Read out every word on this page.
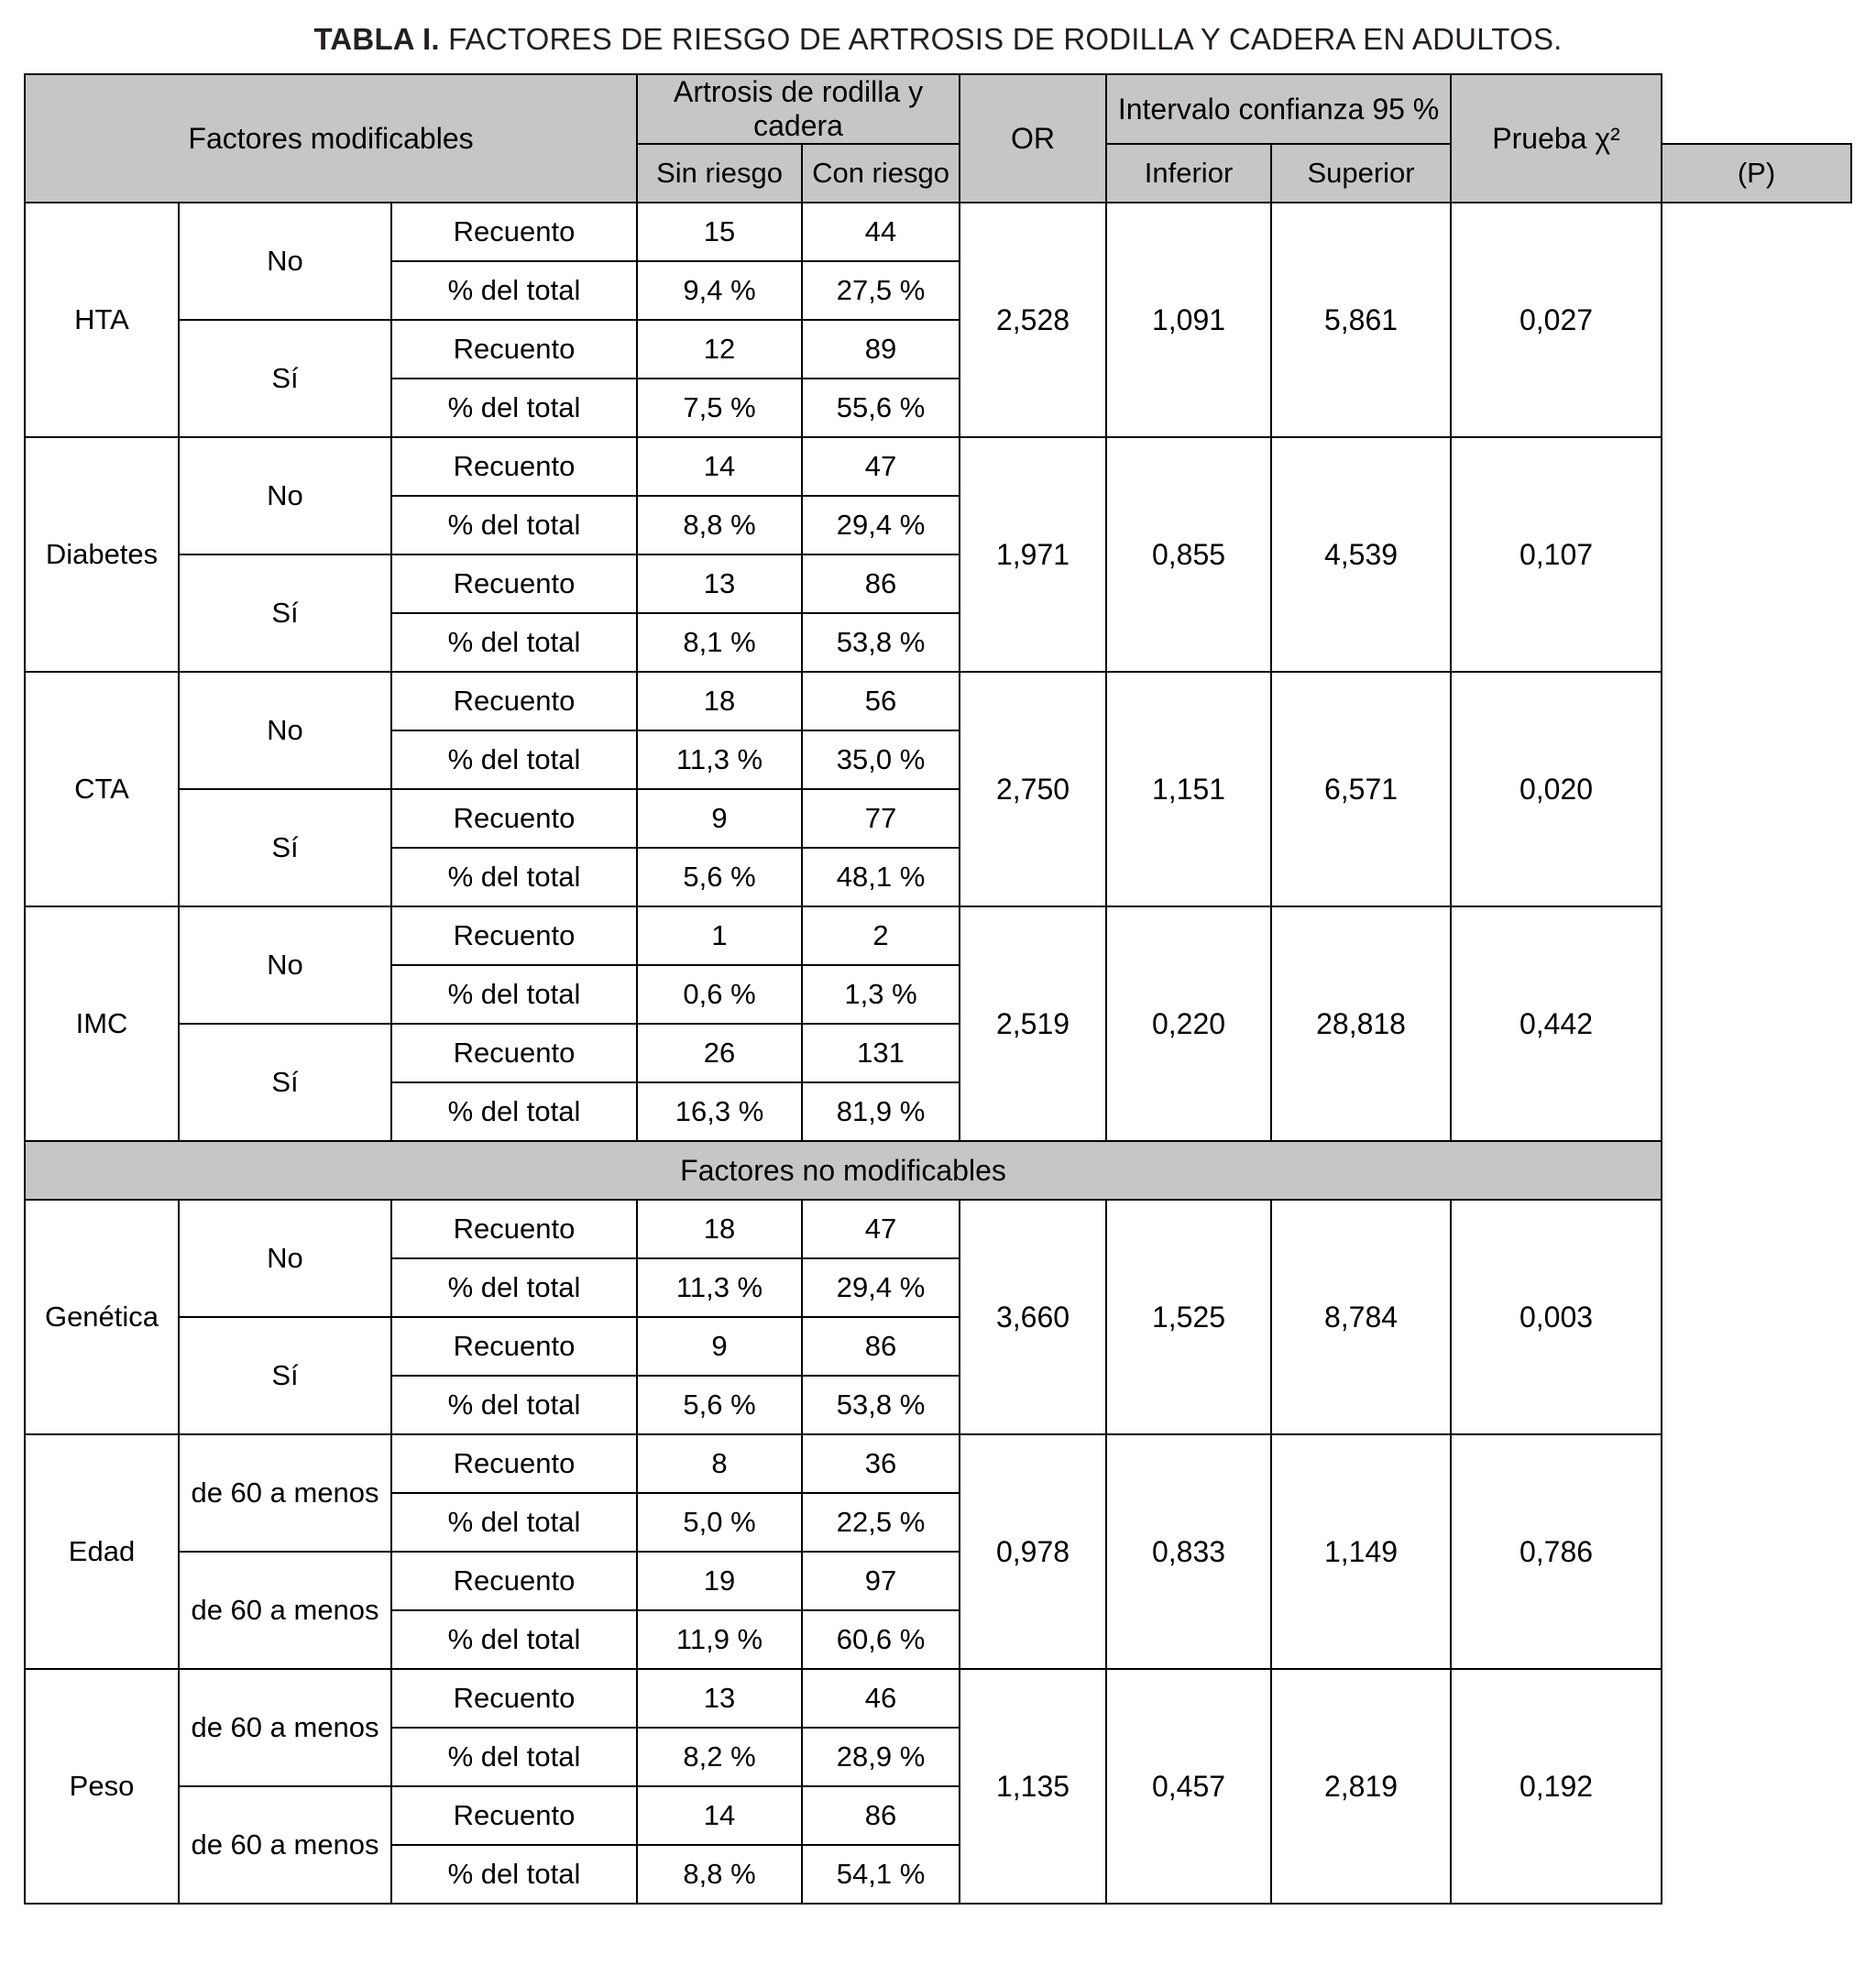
TABLA I. FACTORES DE RIESGO DE ARTROSIS DE RODILLA Y CADERA EN ADULTOS.
Factores modificables			Artrosis de rodilla y cadera		OR	Intervalo confianza 95 %		Prueba χ²	
			Sin riesgo	Con riesgo		Inferior	Superior		(P)
HTA	No	Recuento	15	44	2,528	1,091	5,861	0,027	
		% del total	9,4 %	27,5 %					
	Sí	Recuento	12	89					
		% del total	7,5 %	55,6 %					
Diabetes	No	Recuento	14	47	1,971	0,855	4,539	0,107	
		% del total	8,8 %	29,4 %					
	Sí	Recuento	13	86					
		% del total	8,1 %	53,8 %					
CTA	No	Recuento	18	56	2,750	1,151	6,571	0,020	
		% del total	11,3 %	35,0 %					
	Sí	Recuento	9	77					
		% del total	5,6 %	48,1 %					
IMC	No	Recuento	1	2	2,519	0,220	28,818	0,442	
		% del total	0,6 %	1,3 %					
	Sí	Recuento	26	131					
		% del total	16,3 %	81,9 %					
Factores no modificables									
Genética	No	Recuento	18	47	3,660	1,525	8,784	0,003	
		% del total	11,3 %	29,4 %					
	Sí	Recuento	9	86					
		% del total	5,6 %	53,8 %					
Edad	de 60 a menos	Recuento	8	36	0,978	0,833	1,149	0,786	
		% del total	5,0 %	22,5 %					
	de 60 a menos	Recuento	19	97					
		% del total	11,9 %	60,6 %					
Peso	de 60 a menos	Recuento	13	46	1,135	0,457	2,819	0,192	
		% del total	8,2 %	28,9 %					
	de 60 a menos	Recuento	14	86					
		% del total	8,8 %	54,1 %					
